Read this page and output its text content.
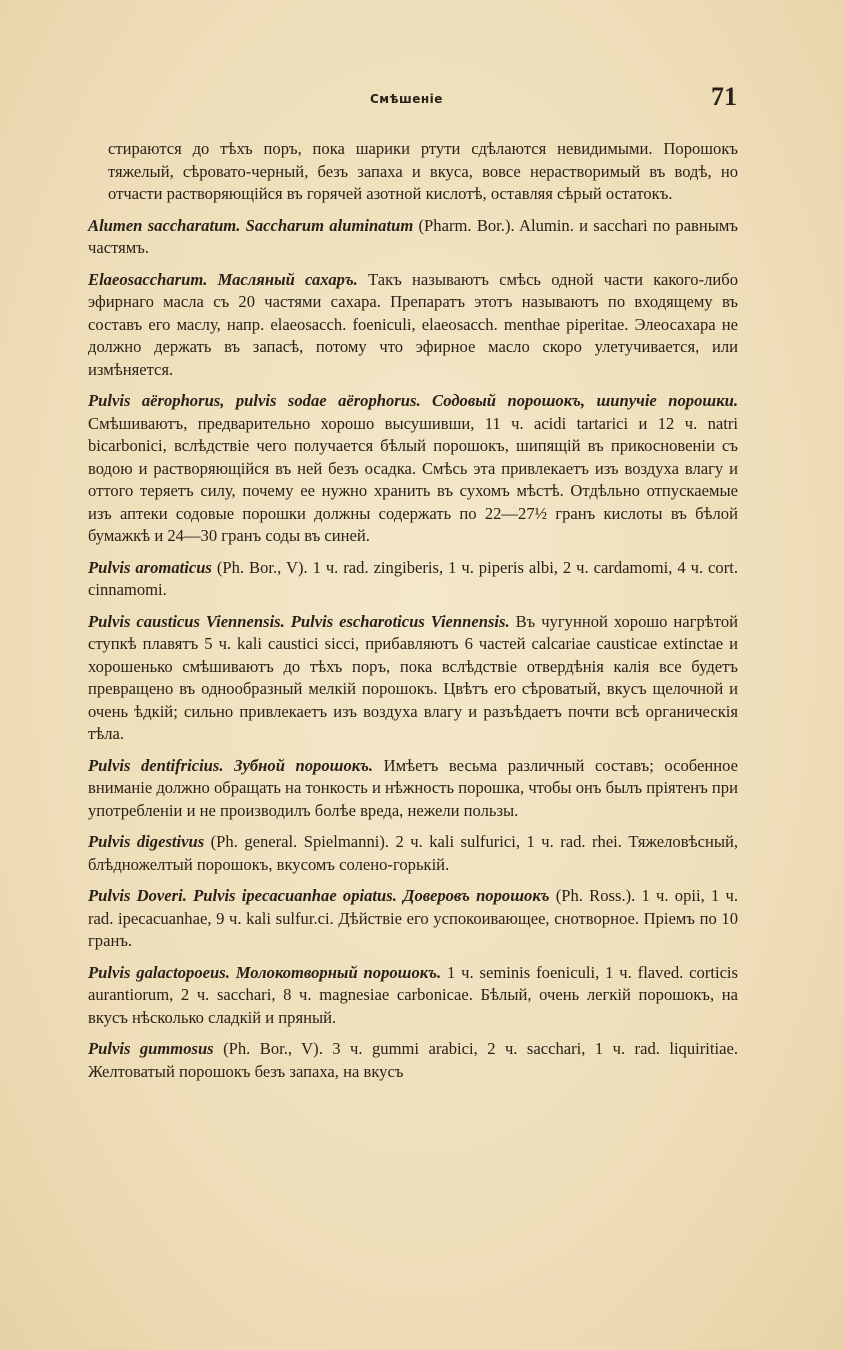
Смѣшеніе	71

стираются до тѣхъ поръ, пока шарики ртути сдѣлаются невидимыми. Порошокъ тяжелый, сѣровато-черный, безъ запаха и вкуса, вовсе нерастворимый въ водѣ, но отчасти растворяющійся въ горячей азотной кислотѣ, оставляя сѣрый остатокъ.

Alumen saccharatum. Saccharum aluminatum (Pharm. Bor.). Alumin. и sacchari по равнымъ частямъ.

Elaeosaccharum. Масляный сахаръ. Такъ называютъ смѣсь одной части какого-либо эфирнаго масла съ 20 частями сахара. Препаратъ этотъ называютъ по входящему въ составъ его маслу, напр. elaeosacch. foeniculi, elaeosacch. menthae piperitae. Элеосахара не должно держать въ запасѣ, потому что эфирное масло скоро улетучивается, или измѣняется.

Pulvis aërophorus, pulvis sodae aërophorus. Содовый порошокъ, шипучіе порошки. Смѣшиваютъ, предварительно хорошо высушивши, 11 ч. acidi tartarici и 12 ч. natri bicarbonici, вслѣдствіе чего получается бѣлый порошокъ, шипящій въ прикосновеніи съ водою и растворяющійся въ ней безъ осадка. Смѣсь эта привлекаетъ изъ воздуха влагу и оттого теряетъ силу, почему ее нужно хранить въ сухомъ мѣстѣ. Отдѣльно отпускаемые изъ аптеки содовые порошки должны содержать по 22—27½ гранъ кислоты въ бѣлой бумажкѣ и 24—30 гранъ соды въ синей.

Pulvis aromaticus (Ph. Bor., V). 1 ч. rad. zingiberis, 1 ч. piperis albi, 2 ч. cardamomi, 4 ч. cort. cinnamomi.

Pulvis causticus Viennensis. Pulvis escharoticus Viennensis. Въ чугунной хорошо нагрѣтой ступкѣ плавятъ 5 ч. kali caustici sicci, прибавляютъ 6 частей calcariae causticae extinctae и хорошенько смѣшиваютъ до тѣхъ поръ, пока вслѣдствіе отвердѣнія калія все будетъ превращено въ однообразный мелкій порошокъ. Цвѣтъ его сѣроватый, вкусъ щелочной и очень ѣдкій; сильно привлекаетъ изъ воздуха влагу и разъѣдаетъ почти всѣ органическія тѣла.

Pulvis dentifricius. Зубной порошокъ. Имѣетъ весьма различный составъ; особенное вниманіе должно обращать на тонкость и нѣжность порошка, чтобы онъ былъ пріятенъ при употребленіи и не производилъ болѣе вреда, нежели пользы.

Pulvis digestivus (Ph. general. Spielmanni). 2 ч. kali sulfurici, 1 ч. rad. rhei. Тяжеловѣсный, блѣдножелтый порошокъ, вкусомъ солено-горькій.

Pulvis Doveri. Pulvis ipecacuanhae opiatus. Доверовъ порошокъ (Ph. Ross.). 1 ч. opii, 1 ч. rad. ipecacuanhae, 9 ч. kali sulfur.ci. Дѣйствіе его успокоивающее, снотворное. Пріемъ по 10 гранъ.

Pulvis galactopoeus. Молокотворный порошокъ. 1 ч. seminis foeniculi, 1 ч. flaved. corticis aurantiorum, 2 ч. sacchari, 8 ч. magnesiae carbonicae. Бѣлый, очень легкій порошокъ, на вкусъ нѣсколько сладкій и пряный.

Pulvis gummosus (Ph. Bor., V). 3 ч. gummi arabici, 2 ч. sacchari, 1 ч. rad. liquiritiae. Желтоватый порошокъ безъ запаха, на вкусъ
